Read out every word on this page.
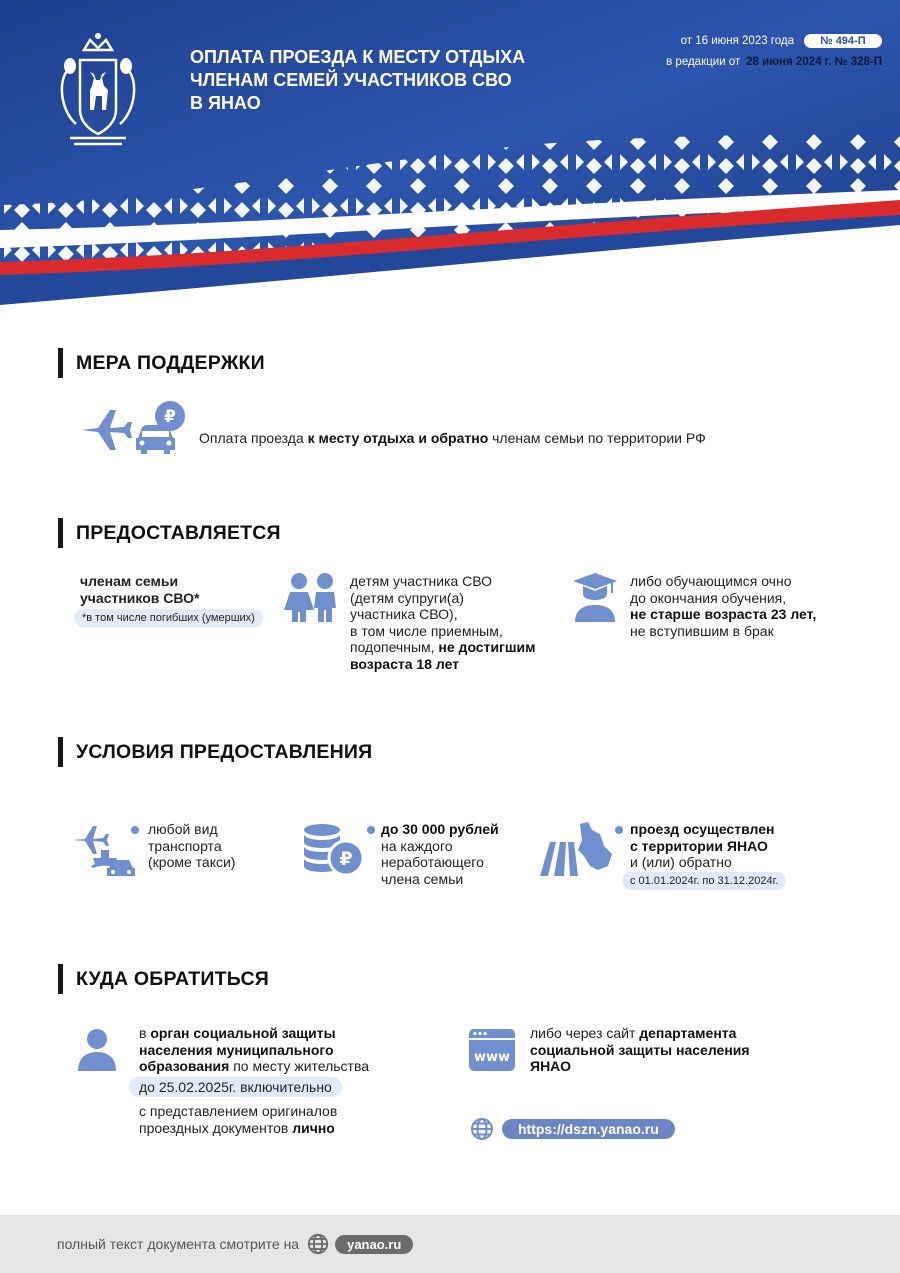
ОПЛАТА ПРОЕЗДА К МЕСТУ ОТДЫХА
ЧЛЕНАМ СЕМЕЙ УЧАСТНИКОВ СВО
В ЯНАО
от 16 июня 2023 года	№ 494-П
в редакции от 28 июня 2024 г. № 328-П
МЕРА ПОДДЕРЖКИ
₽
Оплата проезда к месту отдыха и обратно членам семьи по территории РФ
ПРЕДОСТАВЛЯЕТСЯ
членам семьи
участников СВО*
*в том числе погибших (умерших)
детям участника СВО
(детям супруги(а)
участника СВО),
в том числе приемным,
подопечным, не достигшим
возраста 18 лет
либо обучающимся очно
до окончания обучения,
не старше возраста 23 лет,
не вступившим в брак
УСЛОВИЯ ПРЕДОСТАВЛЕНИЯ
любой вид
транспорта
(кроме такси)	₽
до 30 000 рублей
на каждого
неработающего
члена семьи
проезд осуществлен
с территории ЯНАО
и (или) обратно
с 01.01.2024г. по 31.12.2024г.
КУДА ОБРАТИТЬСЯ
в орган социальной защиты
населения муниципального
образования по месту жительства
до 25.02.2025г. включительно
с представлением оригиналов
проездных документов лично
www
либо через сайт департамента
социальной защиты населения
ЯНАО
https://dszn.yanao.ru
полный текст документа смотрите на	yanao.ru
